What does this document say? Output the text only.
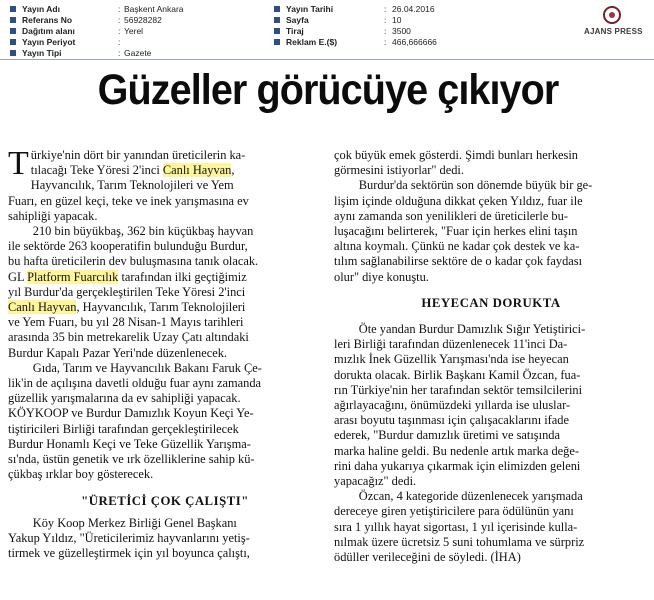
Yayın Adı	: Başkent Ankara
Referans No	: 56928282
Dağıtım alanı	: Yerel
Yayın Periyot	:
Yayın Tipi	: Gazete
Yayın Tarihi	: 26.04.2016
Sayfa	: 10
Tiraj	: 3500
Reklam E.($)	: 466,666666
AJANS PRESS
Güzeller görücüye çıkıyor
T ürkiye'nin dört bir yanından üreticilerin ka-
tılacağı Teke Yöresi 2'inci Canlı Hayvan,
Hayvancılık, Tarım Teknolojileri ve Yem
Fuarı, en güzel keçi, teke ve inek yarışmasına ev
sahipliği yapacak.
  210 bin büyükbaş, 362 bin küçükbaş hayvan
ile sektörde 263 kooperatifin bulunduğu Burdur,
bu hafta üreticilerin dev buluşmasına tanık olacak.
GL Platform Fuarcılık tarafından ilki geçtiğimiz
yıl Burdur'da gerçekleştirilen Teke Yöresi 2'inci
Canlı Hayvan, Hayvancılık, Tarım Teknolojileri
ve Yem Fuarı, bu yıl 28 Nisan-1 Mayıs tarihleri
arasında 35 bin metrekarelik Uzay Çatı altındaki
Burdur Kapalı Pazar Yeri'nde düzenlenecek.
  Gıda, Tarım ve Hayvancılık Bakanı Faruk Çe-
lik'in de açılışına davetli olduğu fuar aynı zamanda
güzellik yarışmalarına da ev sahipliği yapacak.
KÖYKOOP ve Burdur Damızlık Koyun Keçi Ye-
tiştiricileri Birliği tarafından gerçekleştirilecek
Burdur Honamlı Keçi ve Teke Güzellik Yarışma-
sı'nda, üstün genetik ve ırk özelliklerine sahip kü-
çükbaş ırklar boy gösterecek.
"ÜRETİCİ ÇOK ÇALIŞTI"
  Köy Koop Merkez Birliği Genel Başkanı
Yakup Yıldız, "Üreticilerimiz hayvanlarını yetiş-
tirmek ve güzelleştirmek için yıl boyunca çalıştı,
çok büyük emek gösterdi. Şimdi bunları herkesin
görmesini istiyorlar" dedi.
  Burdur'da sektörün son dönemde büyük bir ge-
lişim içinde olduğuna dikkat çeken Yıldız, fuar ile
aynı zamanda son yenilikleri de üreticilerle bu-
luşacağını belirterek, "Fuar için herkes elini taşın
altına koymalı. Çünkü ne kadar çok destek ve ka-
tılım sağlanabilirse sektöre de o kadar çok faydası
olur" diye konuştu.
HEYECAN DORUKTA
  Öte yandan Burdur Damızlık Sığır Yetiştirici-
leri Birliği tarafından düzenlenecek 11'inci Da-
mızlık İnek Güzellik Yarışması'nda ise heyecan
dorukta olacak. Birlik Başkanı Kamil Özcan, fua-
rın Türkiye'nin her tarafından sektör temsilcilerini
ağırlayacağını, önümüzdeki yıllarda ise uluslar-
arası boyutu taşınması için çalışacaklarını ifade
ederek, "Burdur damızlık üretimi ve satışında
marka haline geldi. Bu nedenle artık marka değe-
rini daha yukarıya çıkarmak için elimizden geleni
yapacağız" dedi.
  Özcan, 4 kategoride düzenlenecek yarışmada
dereceye giren yetiştiricilere para ödülünün yanı
sıra 1 yıllık hayat sigortası, 1 yıl içerisinde kulla-
nılmak üzere ücretsiz 5 suni tohumlama ve sürpriz
ödüller verileceğini de söyledi. (İHA)
